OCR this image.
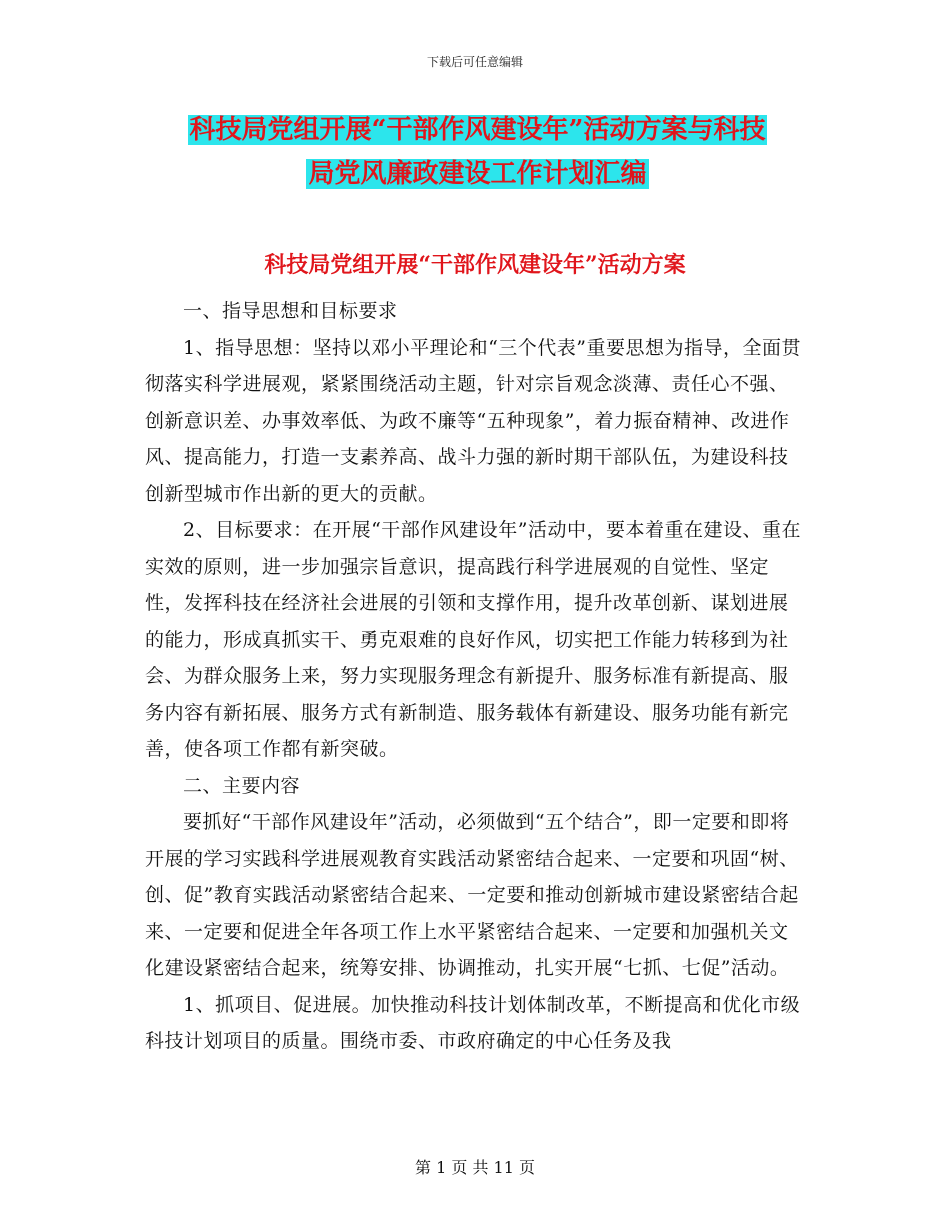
下载后可任意编辑
科技局党组开展“干部作风建设年”活动方案与科技
局党风廉政建设工作计划汇编
科技局党组开展“干部作风建设年”活动方案

一、指导思想和目标要求

1、指导思想：坚持以邓小平理论和“三个代表”重要思想为指导，全面贯彻落实科学进展观，紧紧围绕活动主题，针对宗旨观念淡薄、责任心不强、创新意识差、办事效率低、为政不廉等“五种现象”，着力振奋精神、改进作风、提高能力，打造一支素养高、战斗力强的新时期干部队伍，为建设科技创新型城市作出新的更大的贡献。

2、目标要求：在开展“干部作风建设年”活动中，要本着重在建设、重在实效的原则，进一步加强宗旨意识，提高践行科学进展观的自觉性、坚定性，发挥科技在经济社会进展的引领和支撑作用，提升改革创新、谋划进展的能力，形成真抓实干、勇克艰难的良好作风，切实把工作能力转移到为社会、为群众服务上来，努力实现服务理念有新提升、服务标准有新提高、服务内容有新拓展、服务方式有新制造、服务载体有新建设、服务功能有新完善，使各项工作都有新突破。

二、主要内容

要抓好“干部作风建设年”活动，必须做到“五个结合”，即一定要和即将开展的学习实践科学进展观教育实践活动紧密结合起来、一定要和巩固“树、创、促”教育实践活动紧密结合起来、一定要和推动创新城市建设紧密结合起来、一定要和促进全年各项工作上水平紧密结合起来、一定要和加强机关文化建设紧密结合起来，统筹安排、协调推动，扎实开展“七抓、七促”活动。

1、抓项目、促进展。加快推动科技计划体制改革，不断提高和优化市级科技计划项目的质量。围绕市委、市政府确定的中心任务及我

第 1 页 共 11 页
